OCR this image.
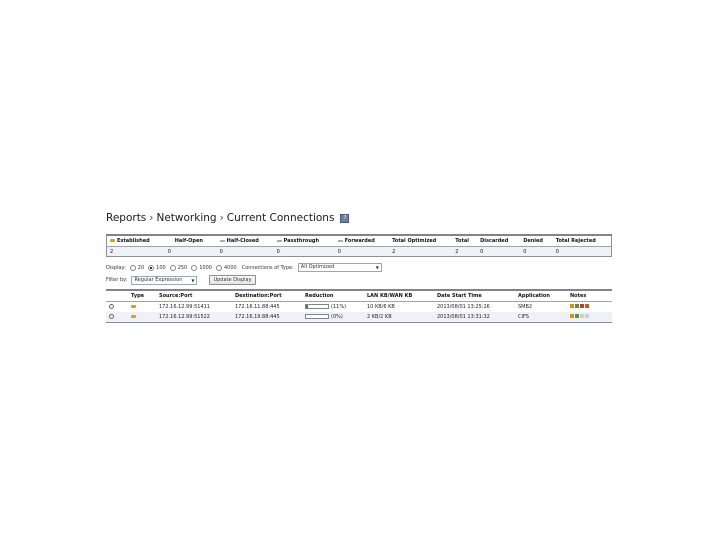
Reports › Networking › Current Connections	?
Established	Half-Open	Half-Closed	Passthrough	Forwarded	Total Optimized	Total	Discarded	Denied	Total Rejected
2	0	0	0	0	2	2	0	0	0
Display: 20 100 250 1000 4000 Connections of Type:	All Optimized	▼
Filter by:	Regular Expression ▼	Update Display
	Type	Source:Port	Destination:Port	Reduction	LAN KB/WAN KB	Date Start Time	Application	Notes
		172.16.12.99:51411	172.16.11.88:445	(11%)	10 KB/6 KB	2013/08/01 13:25:26	SMB2	

		172.16.12.99:51522	172.16.19.88:445	(0%)	2 KB/2 KB	2013/08/01 13:31:32	CIFS	
